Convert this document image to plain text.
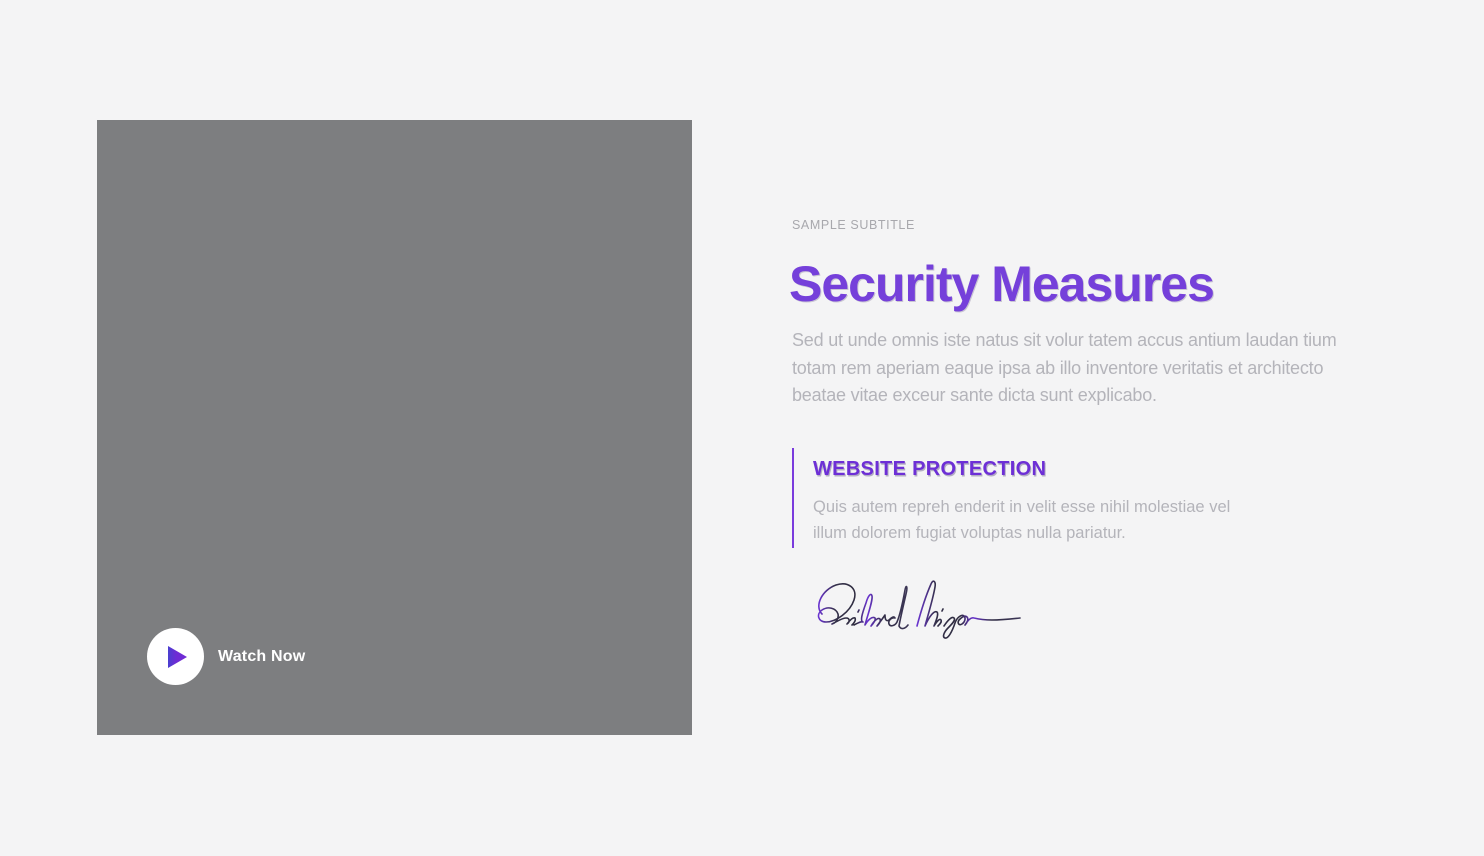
Watch Now
SAMPLE SUBTITLE
Security Measures

Sed ut unde omnis iste natus sit volur tatem accus antium laudan tium
totam rem aperiam eaque ipsa ab illo inventore veritatis et architecto
beatae vitae exceur sante dicta sunt explicabo.

WEBSITE PROTECTION

Quis autem repreh enderit in velit esse nihil molestiae vel
illum dolorem fugiat voluptas nulla pariatur.
